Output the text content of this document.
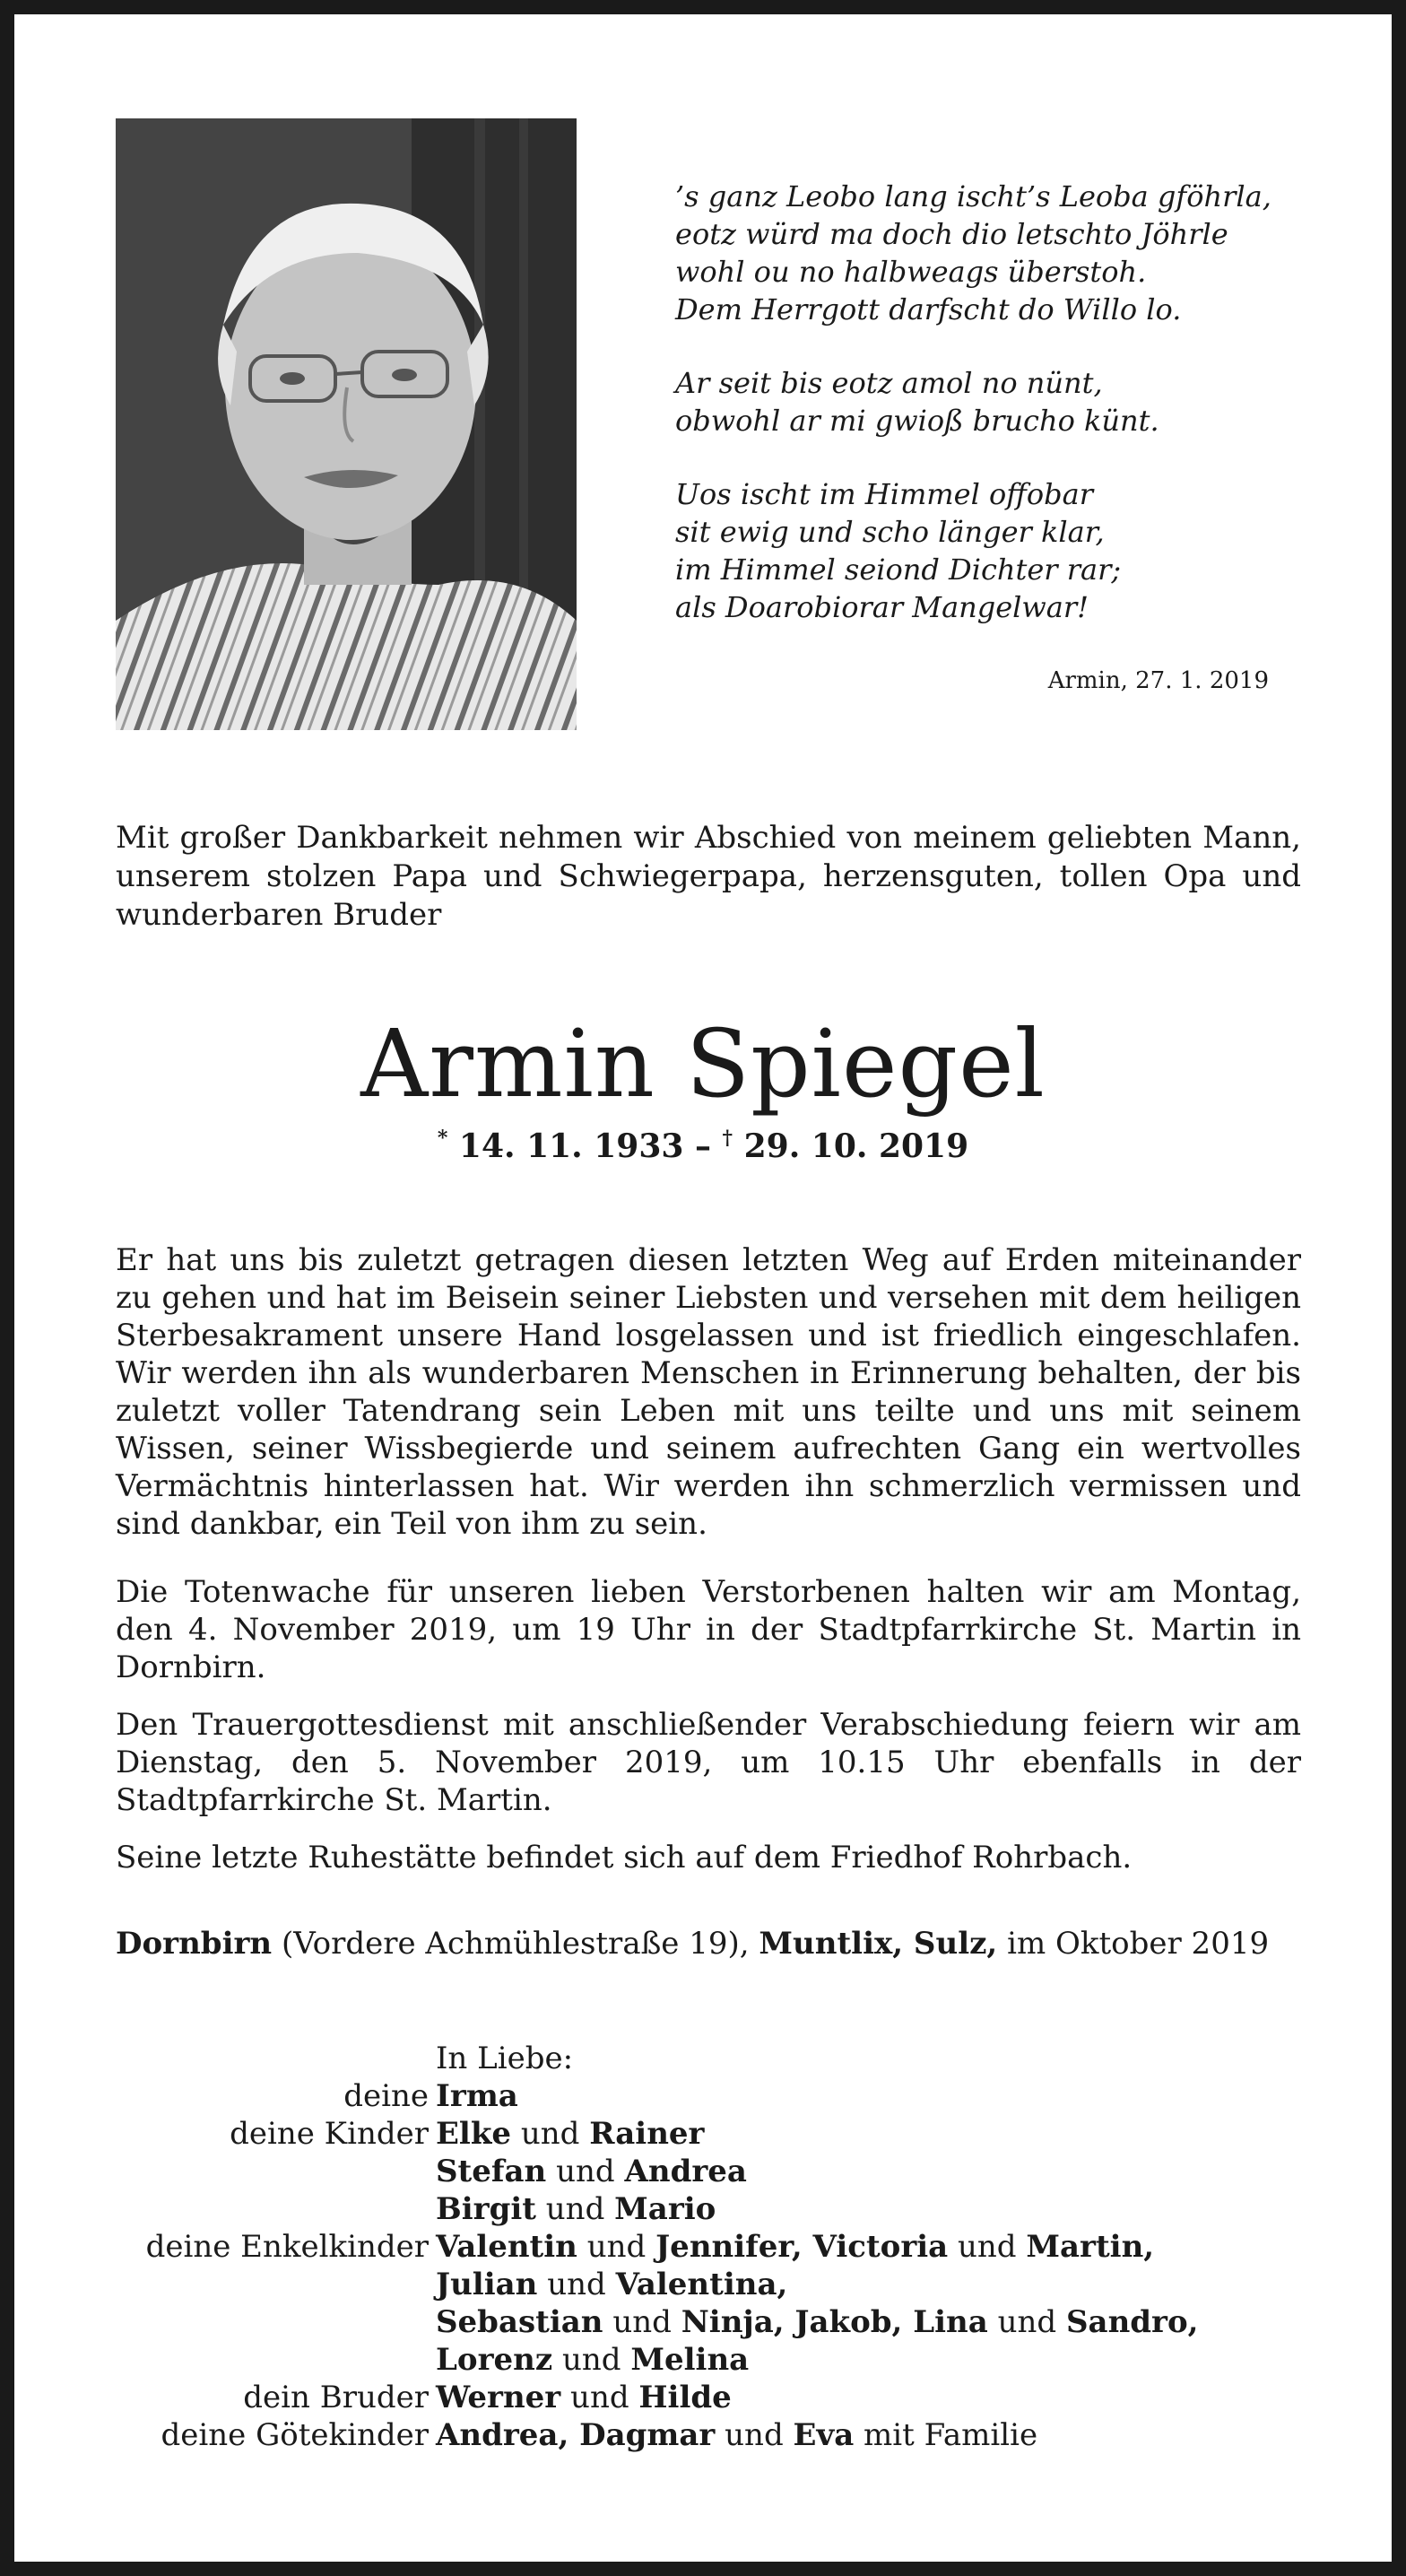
’s ganz Leobo lang ischt’s Leoba gföhrla,
eotz würd ma doch dio letschto Jöhrle
wohl ou no halbweags überstoh.
Dem Herrgott darfscht do Willo lo.
Ar seit bis eotz amol no nünt,
obwohl ar mi gwioß brucho künt.
Uos ischt im Himmel offobar
sit ewig und scho länger klar,
im Himmel seiond Dichter rar;
als Doarobiorar Mangelwar!
Armin, 27. 1. 2019
Mit großer Dankbarkeit nehmen wir Abschied von meinem geliebten Mann, unserem stolzen Papa und Schwiegerpapa, herzensguten, tollen Opa und wunderbaren Bruder
Armin Spiegel
* 14. 11. 1933 – † 29. 10. 2019

Er hat uns bis zuletzt getragen diesen letzten Weg auf Erden miteinander zu gehen und hat im Beisein seiner Liebsten und versehen mit dem heiligen Sterbesakrament unsere Hand losgelassen und ist friedlich eingeschlafen. Wir werden ihn als wunderbaren Menschen in Erinnerung behalten, der bis zuletzt voller Tatendrang sein Leben mit uns teilte und uns mit seinem Wissen, seiner Wissbegierde und seinem aufrechten Gang ein wertvolles Vermächtnis hinterlassen hat. Wir werden ihn schmerzlich vermissen und sind dankbar, ein Teil von ihm zu sein.

Die Totenwache für unseren lieben Verstorbenen halten wir am Montag, den 4. November 2019, um 19 Uhr in der Stadtpfarrkirche St. Martin in Dornbirn.

Den Trauergottesdienst mit anschließender Verabschiedung feiern wir am Dienstag, den 5. November 2019, um 10.15 Uhr ebenfalls in der Stadtpfarrkirche St. Martin.

Seine letzte Ruhestätte befindet sich auf dem Friedhof Rohrbach.

Dornbirn (Vordere Achmühlestraße 19), Muntlix, Sulz, im Oktober 2019
In Liebe:
deine Irma
deine Kinder Elke und Rainer
Stefan und Andrea
Birgit und Mario
deine Enkelkinder Valentin und Jennifer, Victoria und Martin,
Julian und Valentina,
Sebastian und Ninja, Jakob, Lina und Sandro,
Lorenz und Melina
dein Bruder Werner und Hilde
deine Götekinder Andrea, Dagmar und Eva mit Familie
